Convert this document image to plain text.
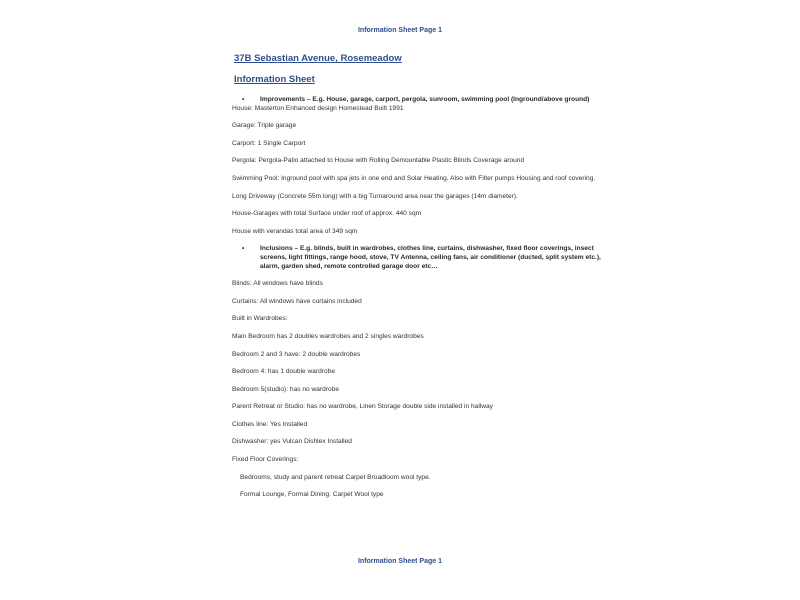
Information Sheet Page 1
37B Sebastian Avenue, Rosemeadow
Information Sheet
• Improvements – E.g. House, garage, carport, pergola, sunroom, swimming pool (Inground/above ground)

House: Masterton Enhanced design Homestead Built 1991

Garage: Triple garage

Carport: 1 Single Carport

Pergola: Pergola-Patio attached to House with Rolling Demountable Plastic Blinds Coverage around

Swimming Pool: Inground pool with spa jets in one end and Solar Heating. Also with Filter pumps Housing and roof covering.

Long Driveway (Concrete 55m long) with a big Turnaround area near the garages (14m diameter).

House-Garages with total Surface under roof of approx. 440 sqm

House with verandas total area of 349 sqm

• Inclusions – E.g. blinds, built in wardrobes, clothes line, curtains, dishwasher, fixed floor coverings, insect screens, light fittings, range hood, stove, TV Antenna, ceiling fans, air conditioner (ducted, split system etc.), alarm, garden shed, remote controlled garage door etc…

Blinds: All windows have blinds

Curtains: All windows have curtains included

Built in Wardrobes:

Main Bedroom has 2 doubles wardrobes and 2 singles wardrobes

Bedroom 2 and 3 have: 2 double wardrobes

Bedroom 4: has 1 double wardrobe

Bedroom 5(studio): has no wardrobe

Parent Retreat or Studio: has no wardrobe, Linen Storage double side installed in hallway

Clothes line: Yes Installed

Dishwasher: yes Vulcan Dishlex Installed

Fixed Floor Coverings:

Bedrooms, study and parent retreat Carpet Broadloom wool type.

Formal Lounge, Formal Dining: Carpet Wool type

Information Sheet Page 1
